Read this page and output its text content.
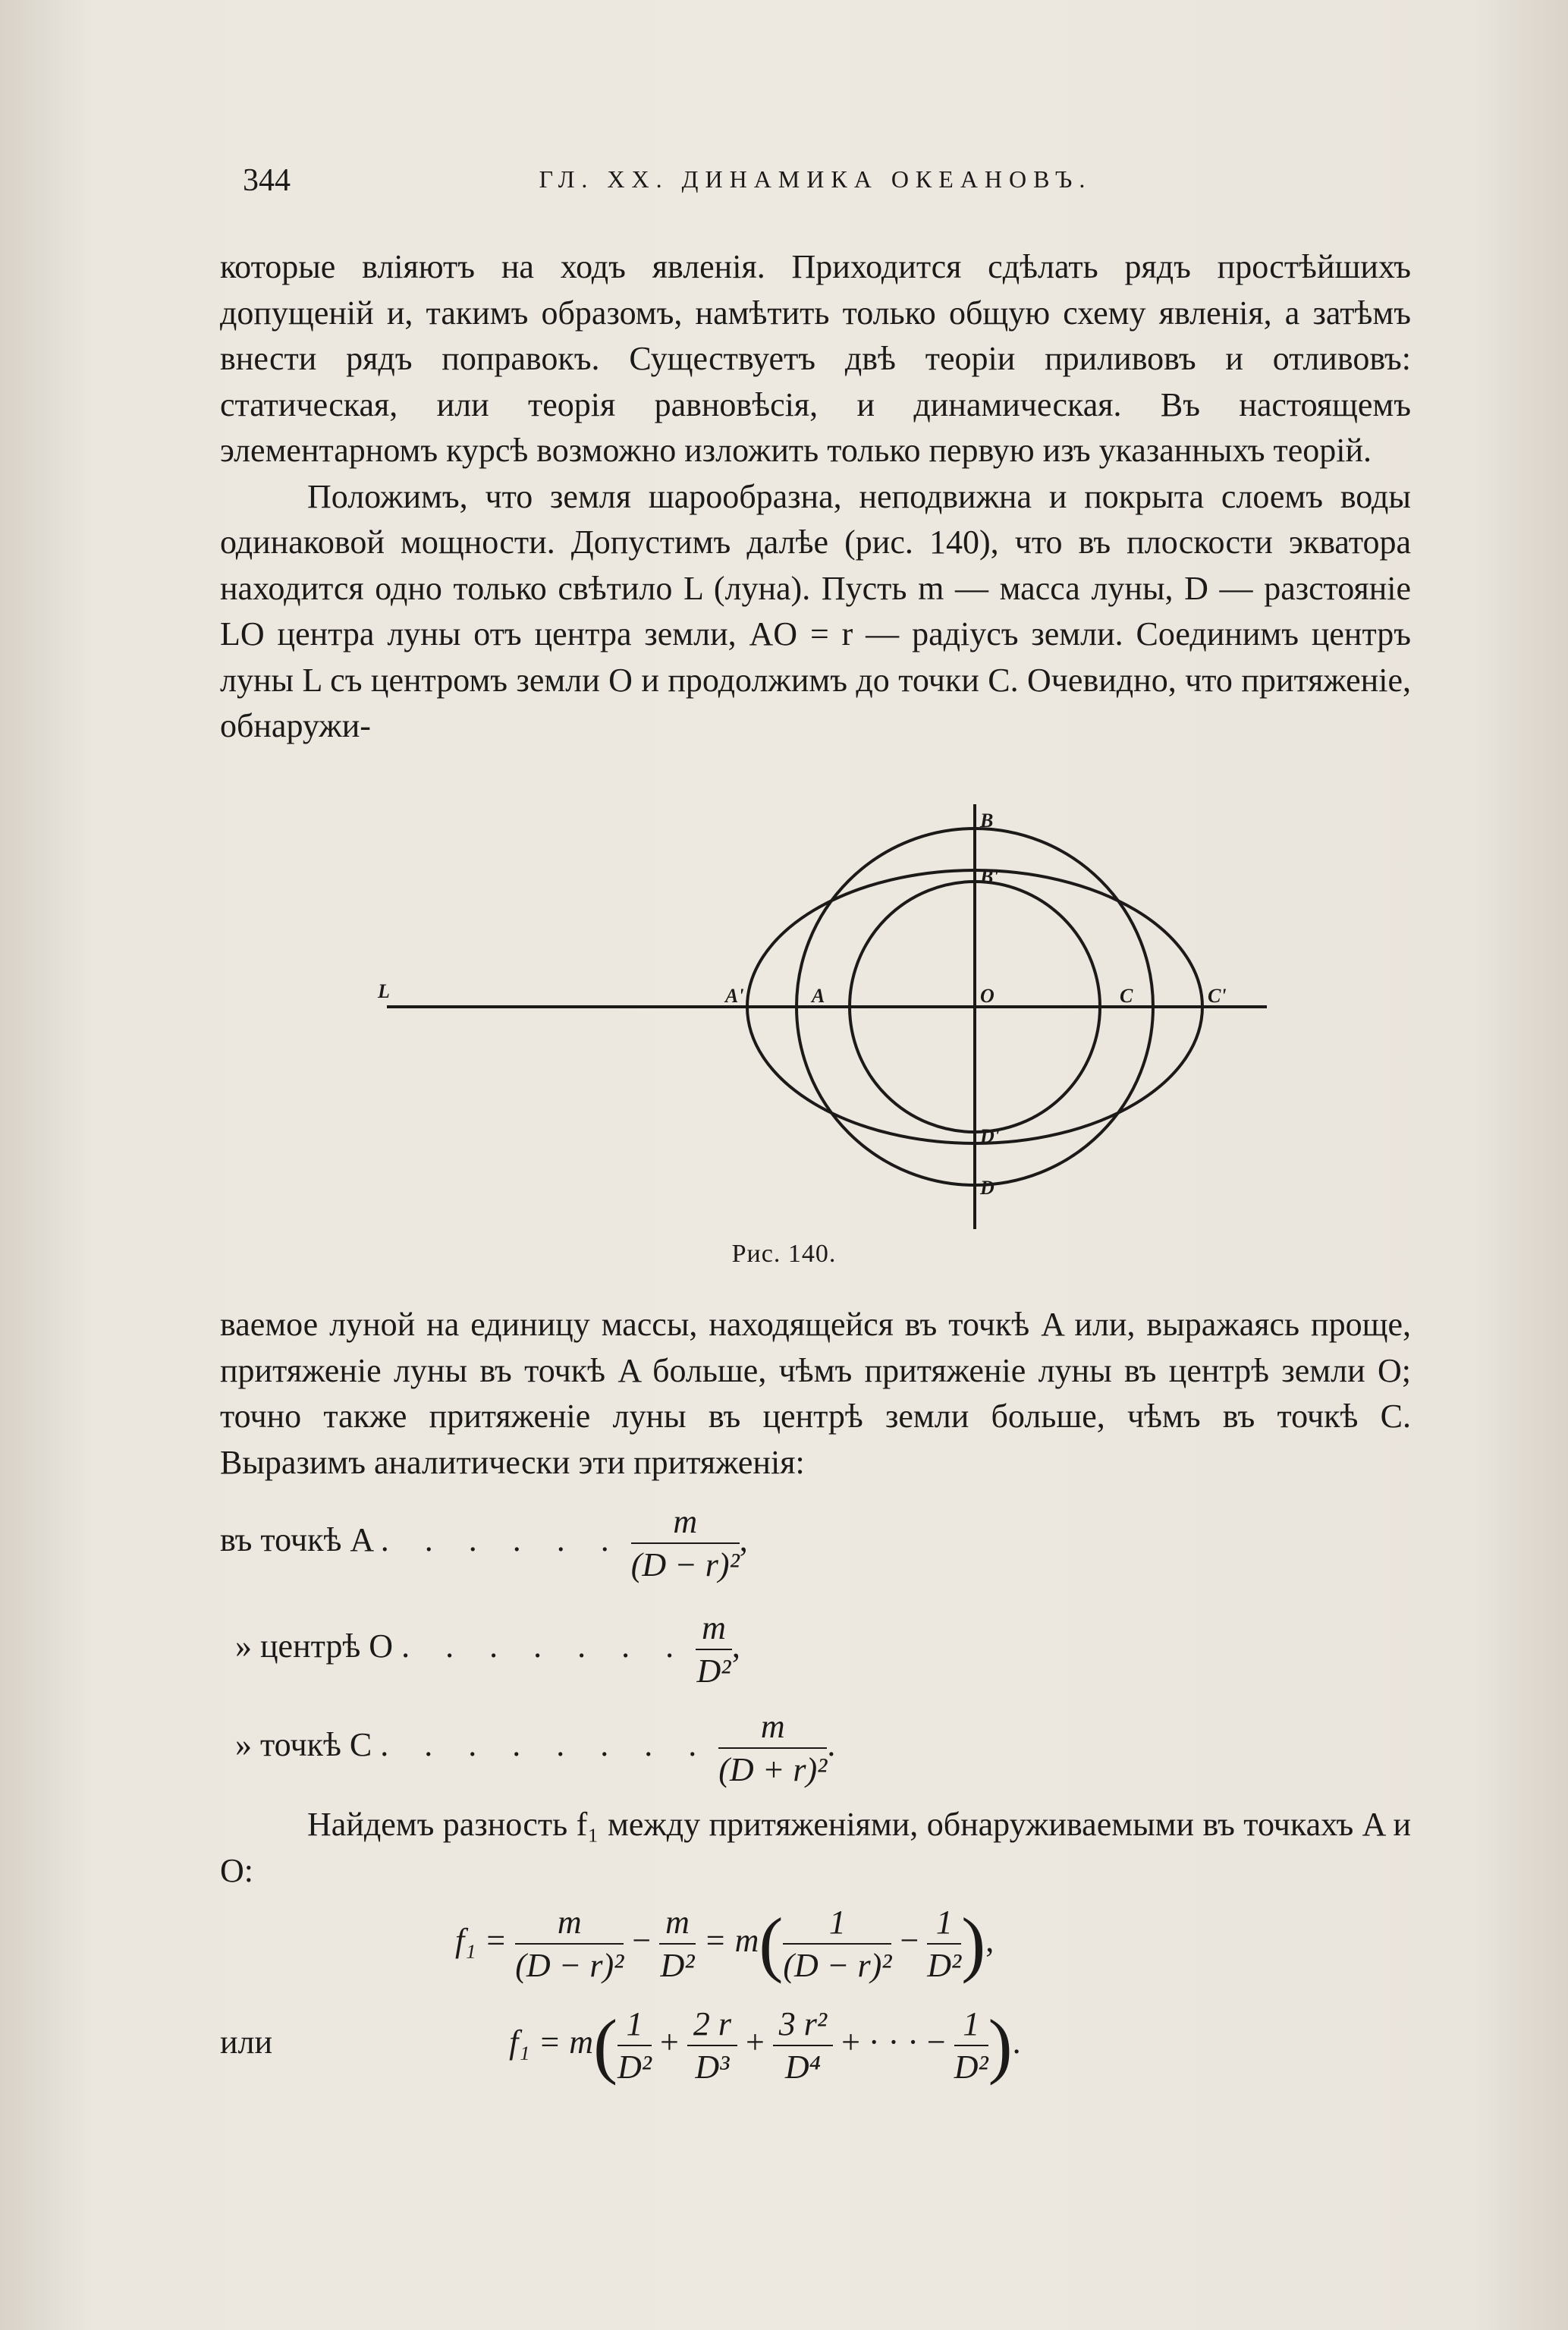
344	ГЛ. XX. ДИНАМИКА ОКЕАНОВЪ.

которые вліяютъ на ходъ явленія. Приходится сдѣлать рядъ простѣйшихъ допущеній и, такимъ образомъ, намѣтить только общую схему явленія, а затѣмъ внести рядъ поправокъ. Существуетъ двѣ теоріи приливовъ и отливовъ: статическая, или теорія равновѣсія, и динамическая. Въ настоящемъ элементарномъ курсѣ возможно изложить только первую изъ указанныхъ теорій.

Положимъ, что земля шарообразна, неподвижна и покрыта слоемъ воды одинаковой мощности. Допустимъ далѣе (рис. 140), что въ плоскости экватора находится одно только свѣтило L (луна). Пусть m — масса луны, D — разстояніе LO центра луны отъ центра земли, AO = r — радіусъ земли. Соединимъ центръ луны L съ центромъ земли O и продолжимъ до точки C. Очевидно, что притяженіе, обнаружи-

L	A'	A	O	C	C'
B
B'
D'
D
Рис. 140.

ваемое луной на единицу массы, находящейся въ точкѣ A или, выражаясь проще, притяженіе луны въ точкѣ A больше, чѣмъ притяженіе луны въ центрѣ земли O; точно также притяженіе луны въ центрѣ земли больше, чѣмъ въ точкѣ C. Выразимъ аналитически эти притяженія:

въ точкѣ A . . . . . . $\frac{m}{\text{(D − r)²}}$ ,
» центрѣ O . . . . . . . $\frac{m}{\text{D²}}$ ,
» точкѣ C . . . . . . . . $\frac{m}{\text{(D + r)²}}$ .

Найдемъ разность f₁ между притяженіями, обнаруживаемыми въ точкахъ A и O:

$f_1 = \frac{m}{\text{(D − r)²}} - \frac{m}{\text{D²}} = m( \frac{1}{\text{(D − r)²}} - \frac{1}{\text{D²}}$ ),
или	$f_1 = m( \frac{1}{\text{D²}} + \frac{2 r}{\text{D³}} + \frac{\text{3 r²}}{\text{D⁴}}$ + · · · − $\frac{1}{\text{D²}}$ ).
